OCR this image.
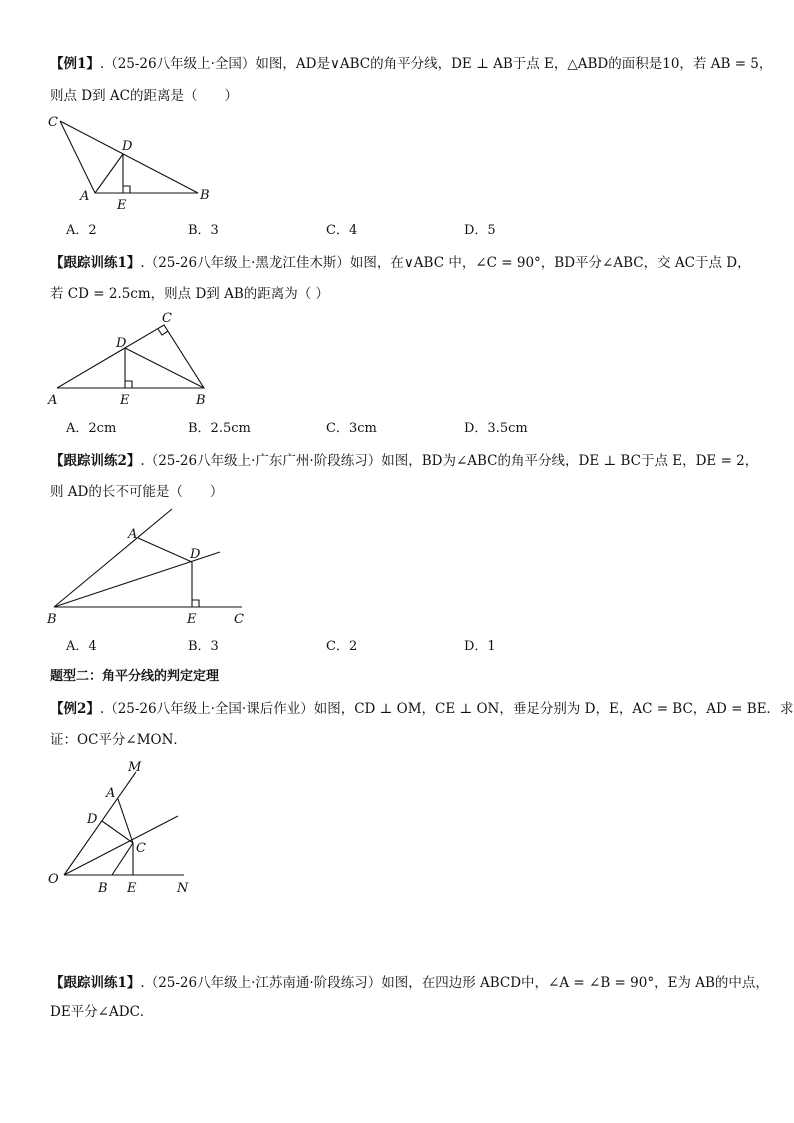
【例1】.（25-26八年级上·全国）如图，AD是∨ABC的角平分线，DE ⊥ AB于点 E，△ABD的面积是10，若 AB = 5，
则点 D到 AC的距离是（　　）
C
D
A
E
B
A．2	B．3	C．4	D．5
【跟踪训练1】.（25-26八年级上·黑龙江佳木斯）如图，在∨ABC 中，∠C = 90°，BD平分∠ABC，交 AC于点 D，
若 CD = 2.5cm，则点 D到 AB的距离为（ ）
C
D
A	E	B
A．2cm	B．2.5cm	C．3cm	D．3.5cm
【跟踪训练2】.（25-26八年级上·广东广州·阶段练习）如图，BD为∠ABC的角平分线，DE ⊥ BC于点 E，DE = 2，
则 AD的长不可能是（　　）
A
D
B	E	C
A．4	B．3	C．2	D．1
题型二：角平分线的判定定理
【例2】.（25-26八年级上·全国·课后作业）如图，CD ⊥ OM，CE ⊥ ON，垂足分别为 D，E，AC = BC，AD = BE．求
证：OC平分∠MON．
M
A
D
C
O
B E	N
【跟踪训练1】.（25-26八年级上·江苏南通·阶段练习）如图，在四边形 ABCD中，∠A = ∠B = 90°，E为 AB的中点，
DE平分∠ADC．
